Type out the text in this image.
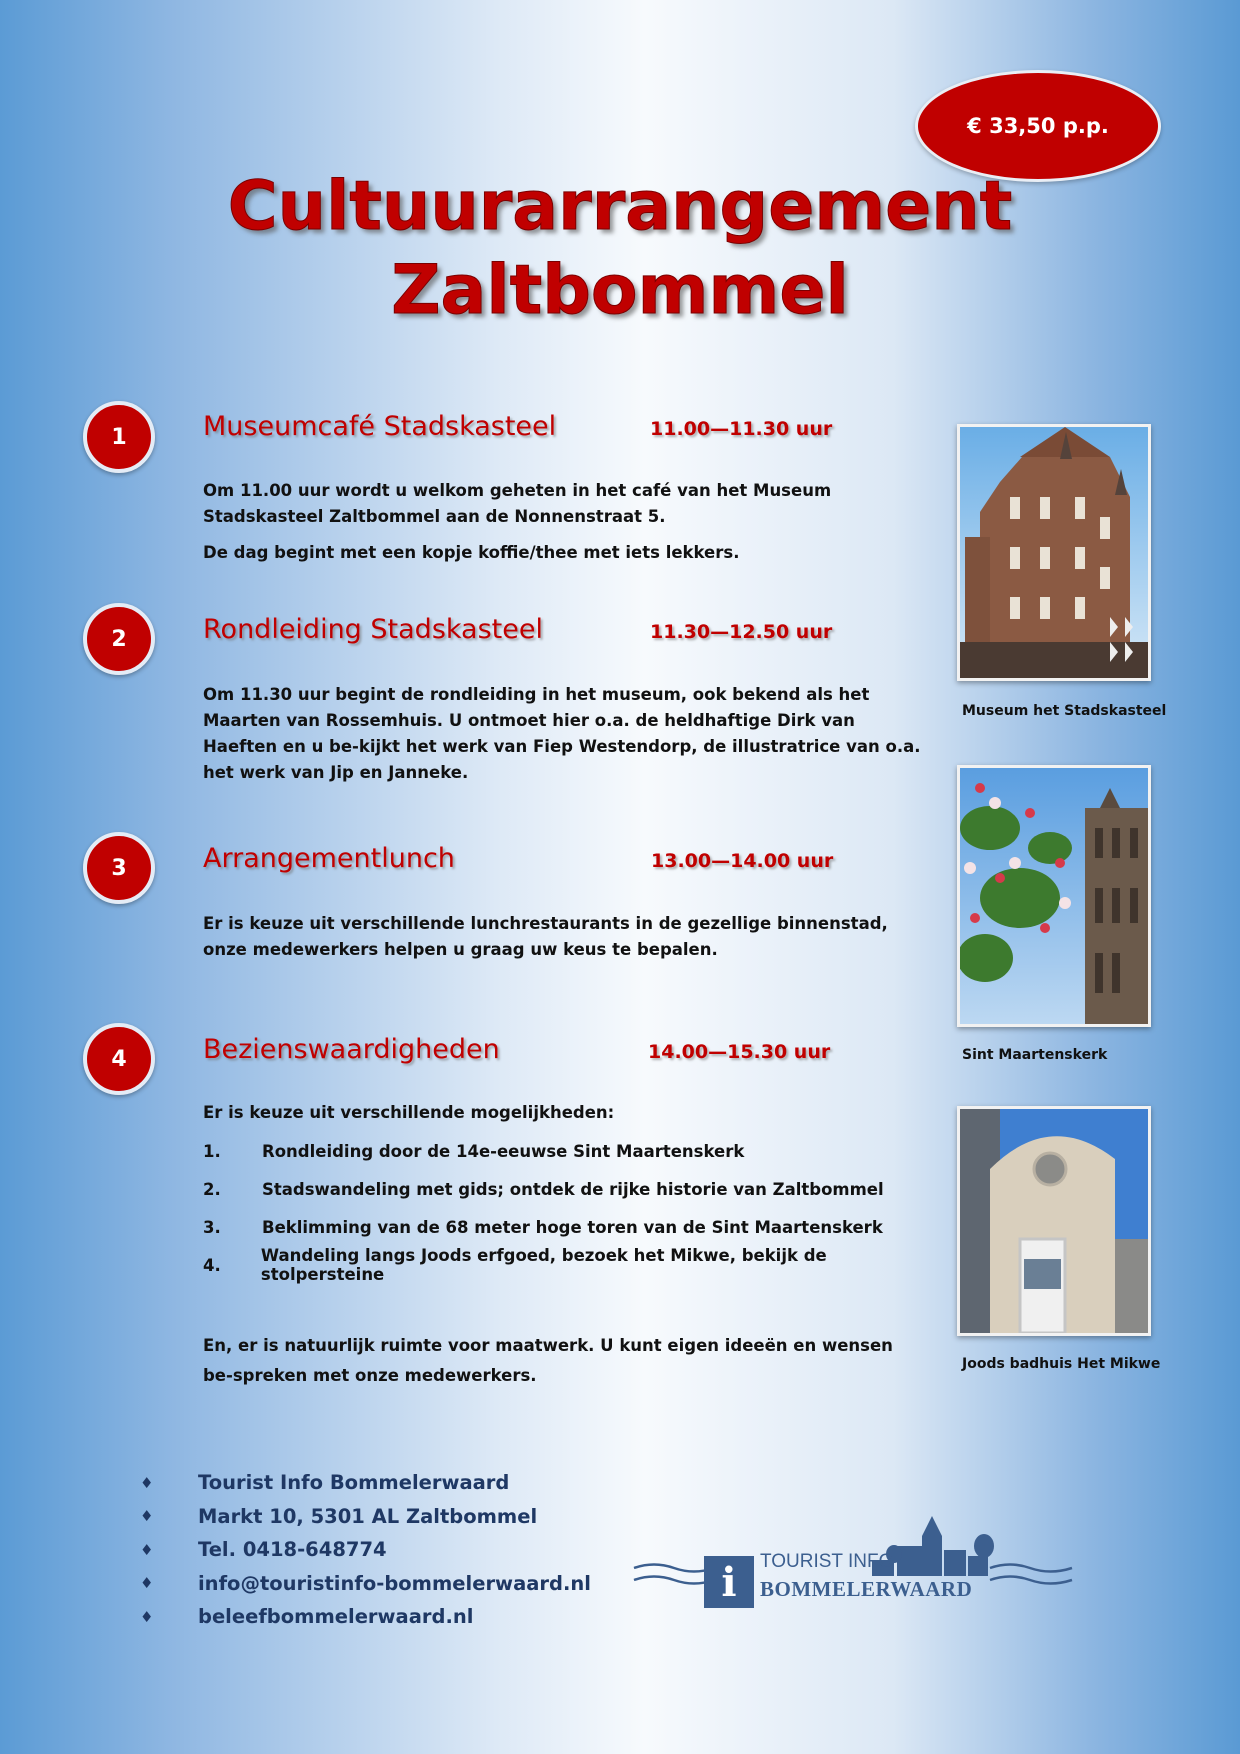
€ 33,50 p.p.
Cultuurarrangement
Zaltbommel
1	Museumcafé Stadskasteel	11.00—11.30 uur

Om 11.00 uur wordt u welkom geheten in het café van het Museum Stadskasteel Zaltbommel aan de Nonnenstraat 5.

De dag begint met een kopje koffie/thee met iets lekkers.

2	Rondleiding Stadskasteel	11.30—12.50 uur

Om 11.30 uur begint de rondleiding in het museum, ook bekend als het Maarten van Rossemhuis. U ontmoet hier o.a. de heldhaftige Dirk van Haeften en u be-kijkt het werk van Fiep Westendorp, de illustratrice van o.a. het werk van Jip en Janneke.

3	Arrangementlunch	13.00—14.00 uur

Er is keuze uit verschillende lunchrestaurants in de gezellige binnenstad, onze medewerkers helpen u graag uw keus te bepalen.

4	Bezienswaardigheden	14.00—15.30 uur
Er is keuze uit verschillende mogelijkheden:
1.	Rondleiding door de 14e-eeuwse Sint Maartenskerk
2.	Stadswandeling met gids; ontdek de rijke historie van Zaltbommel
3.	Beklimming van de 68 meter hoge toren van de Sint Maartenskerk
4.	Wandeling langs Joods erfgoed, bezoek het Mikwe, bekijk de stolpersteine
En, er is natuurlijk ruimte voor maatwerk. U kunt eigen ideeën en wensen be-spreken met onze medewerkers.
Museum het Stadskasteel
Sint Maartenskerk
Joods badhuis Het Mikwe
♦	Tourist Info Bommelerwaard
♦	Markt 10, 5301 AL Zaltbommel
♦	Tel. 0418-648774
♦	info@touristinfo-bommelerwaard.nl
♦	beleefbommelerwaard.nl
i	TOURIST INFO
BOMMELERWAARD
